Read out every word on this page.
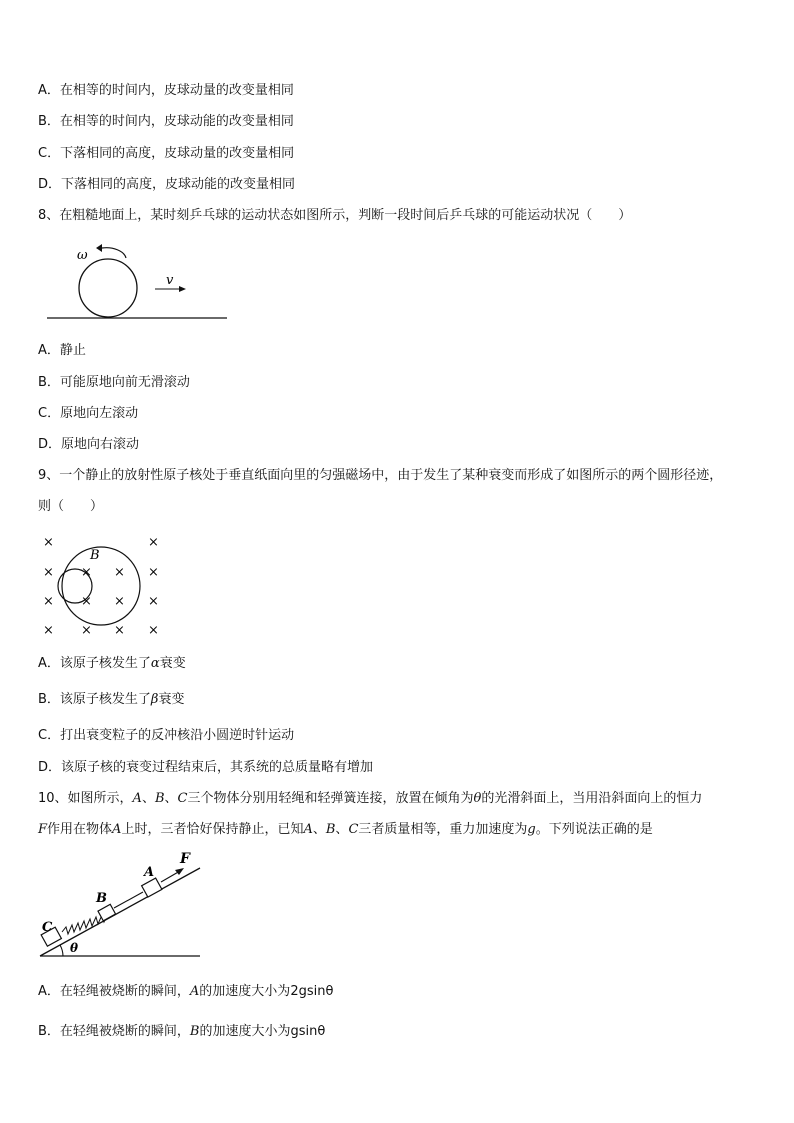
A．在相等的时间内，皮球动量的改变量相同
B．在相等的时间内，皮球动能的改变量相同
C．下落相同的高度，皮球动量的改变量相同
D．下落相同的高度，皮球动能的改变量相同
8、在粗糙地面上，某时刻乒乓球的运动状态如图所示，判断一段时间后乒乓球的可能运动状况（　　）
ω
v
A．静止
B．可能原地向前无滑滚动
C．原地向左滚动
D．原地向右滚动
9、一个静止的放射性原子核处于垂直纸面向里的匀强磁场中，由于发生了某种衰变而形成了如图所示的两个圆形径迹，
则（　　）
B
×	×
× × × ×
× × × ×
× × × ×
A．该原子核发生了α衰变
B．该原子核发生了β衰变
C．打出衰变粒子的反冲核沿小圆逆时针运动
D．该原子核的衰变过程结束后，其系统的总质量略有增加
10、如图所示，A、B、C三个物体分别用轻绳和轻弹簧连接，放置在倾角为θ的光滑斜面上，当用沿斜面向上的恒力
F作用在物体A上时，三者恰好保持静止，已知A、B、C三者质量相等，重力加速度为g。下列说法正确的是
θ
C
B
A
F
A．在轻绳被烧断的瞬间，A的加速度大小为2gsinθ
B．在轻绳被烧断的瞬间，B的加速度大小为gsinθ
